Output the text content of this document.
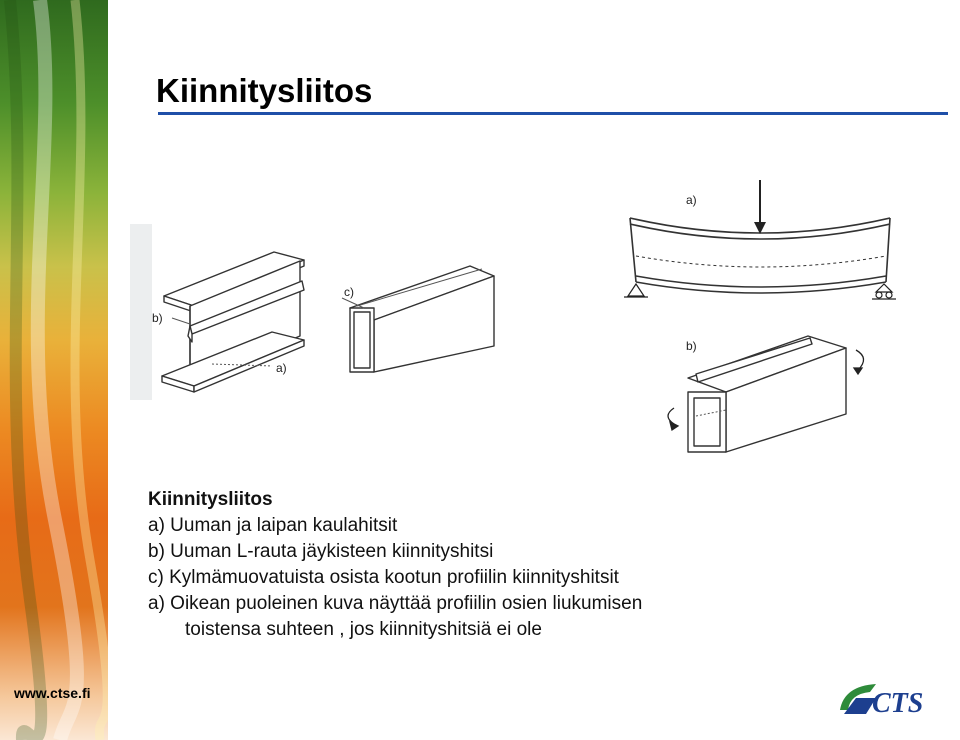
Kiinnitysliitos
b)
a)
c)
a)
b)
Kiinnitysliitos
a) Uuman ja laipan kaulahitsit
b) Uuman L-rauta jäykisteen kiinnityshitsi
c) Kylmämuovatuista osista kootun profiilin kiinnityshitsit
a) Oikean puoleinen kuva näyttää profiilin osien liukumisen
toistensa suhteen , jos kiinnityshitsiä ei ole
www.ctse.fi	CTS
